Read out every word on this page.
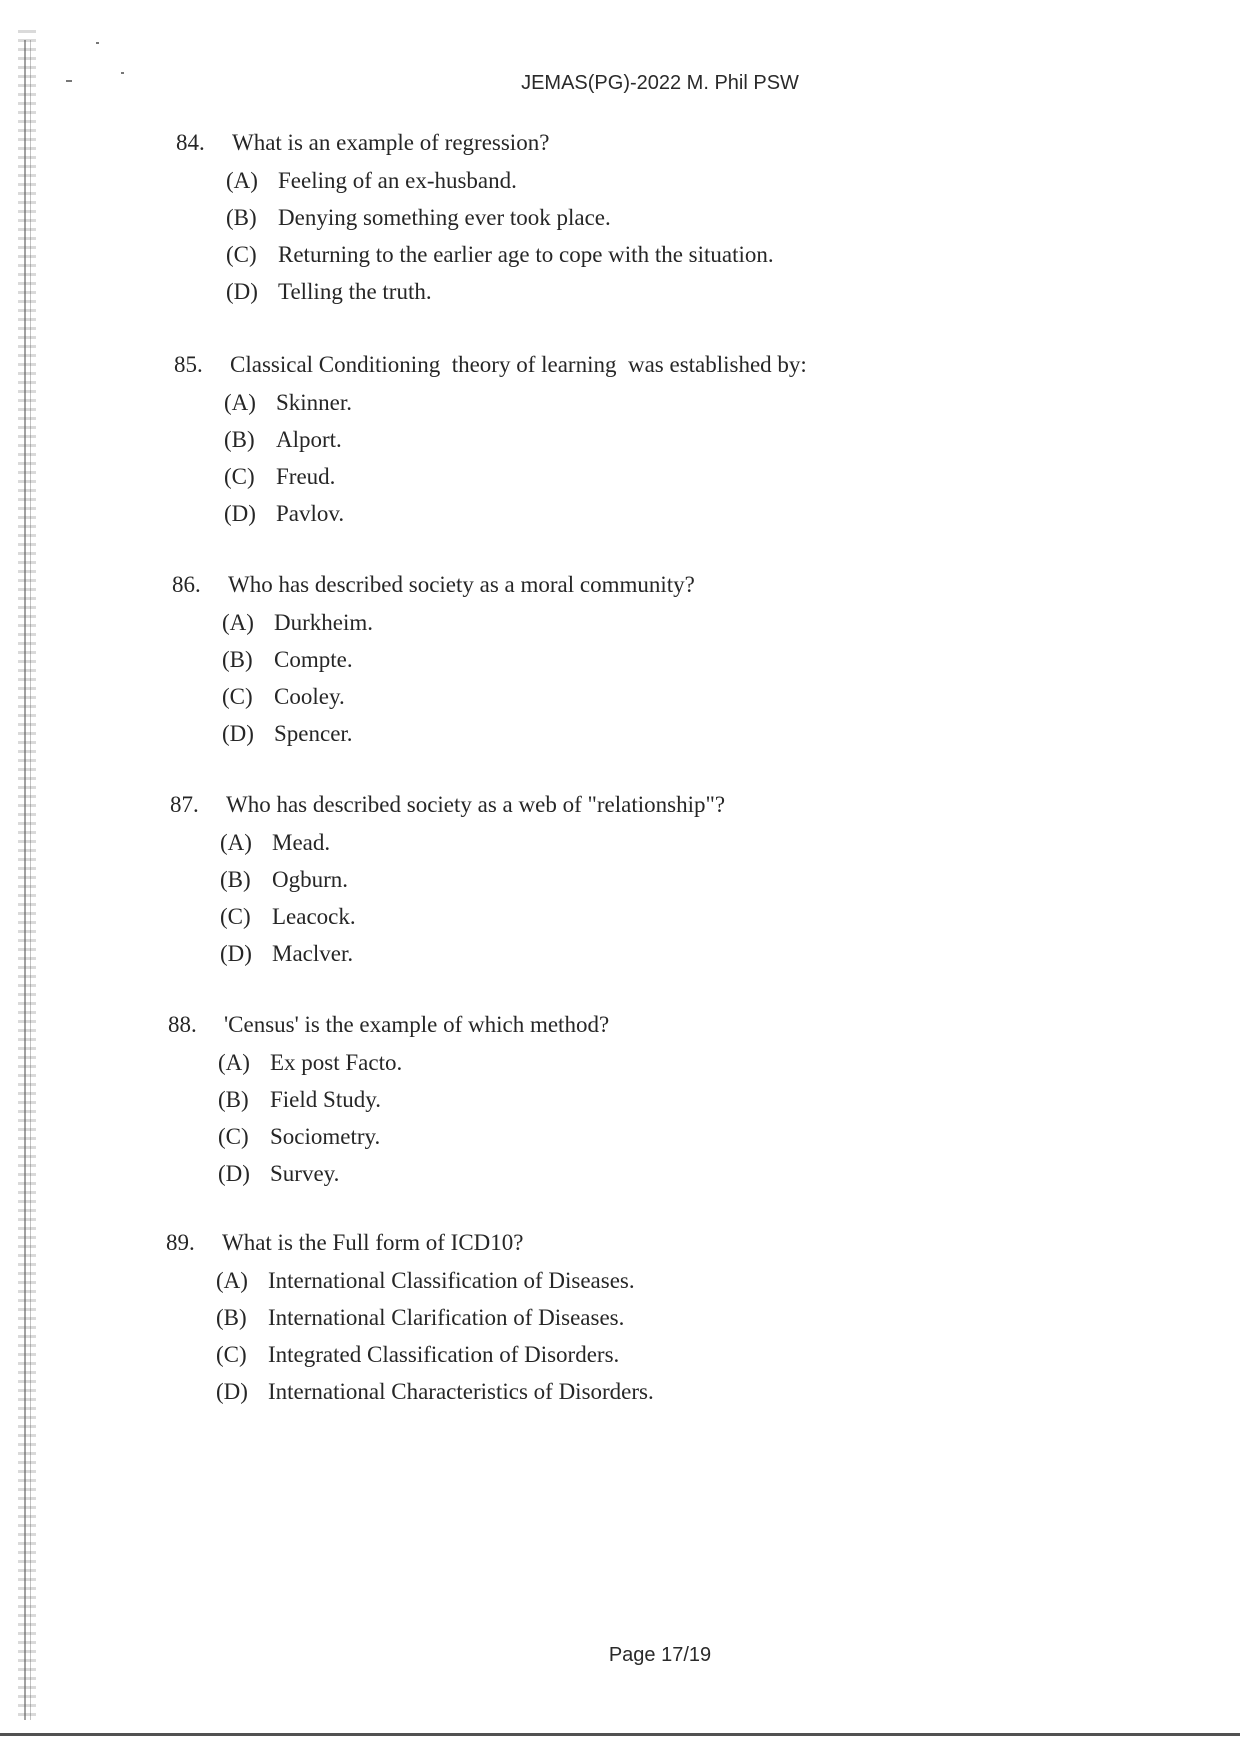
JEMAS(PG)-2022 M. Phil PSW
84.	What is an example of regression?
(A) Feeling of an ex-husband.
(B) Denying something ever took place.
(C) Returning to the earlier age to cope with the situation.
(D) Telling the truth.
85.	Classical Conditioning  theory of learning  was established by:
(A) Skinner.
(B) Alport.
(C) Freud.
(D) Pavlov.
86.	Who has described society as a moral community?
(A) Durkheim.
(B) Compte.
(C) Cooley.
(D) Spencer.
87.	Who has described society as a web of "relationship"?
(A) Mead.
(B) Ogburn.
(C) Leacock.
(D) Maclver.
88.	'Census' is the example of which method?
(A) Ex post Facto.
(B) Field Study.
(C) Sociometry.
(D) Survey.
89.	What is the Full form of ICD10?
(A) International Classification of Diseases.
(B) International Clarification of Diseases.
(C) Integrated Classification of Disorders.
(D) International Characteristics of Disorders.
Page 17/19
